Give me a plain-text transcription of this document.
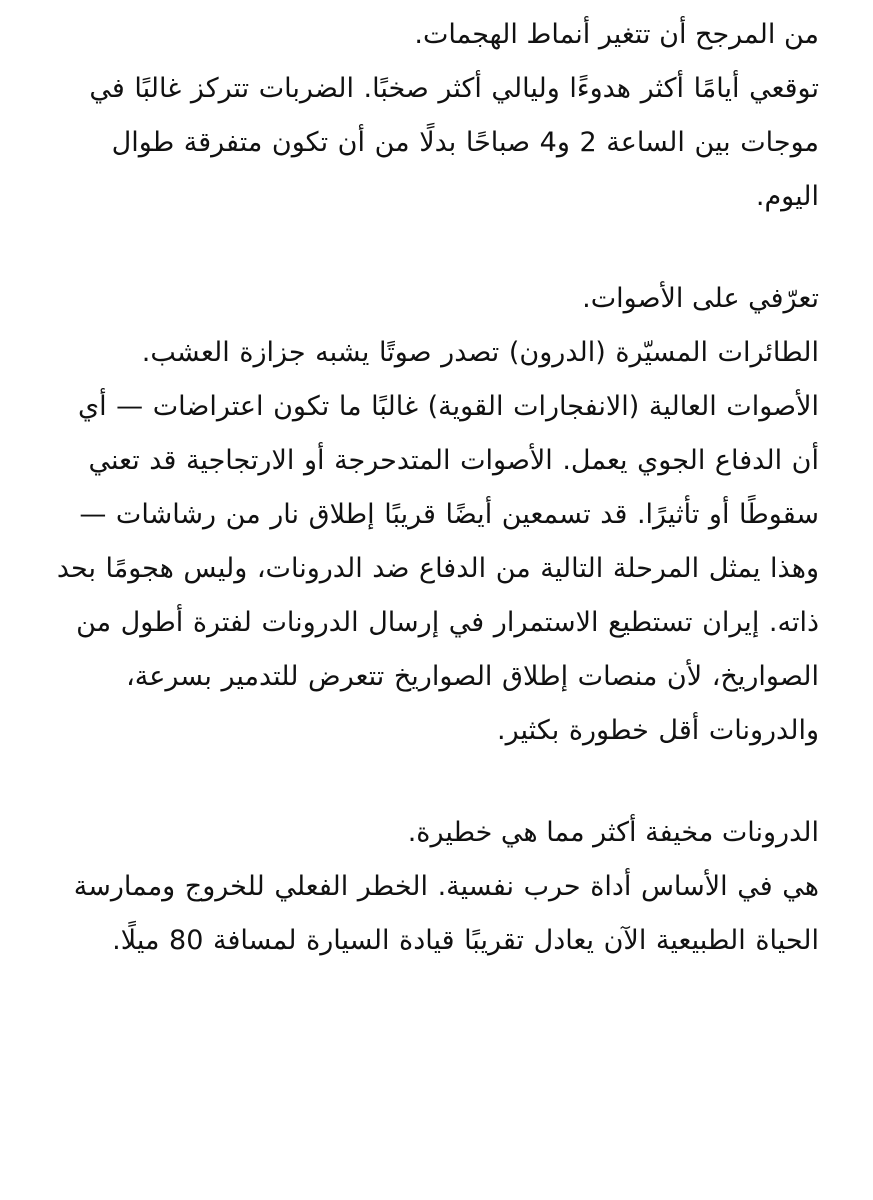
من المرجح أن تتغير أنماط الهجمات.

توقعي أيامًا أكثر هدوءًا وليالي أكثر صخبًا. الضربات تتركز غالبًا في موجات بين الساعة 2 و4 صباحًا بدلًا من أن تكون متفرقة طوال اليوم.

تعرّفي على الأصوات.

الطائرات المسيّرة (الدرون) تصدر صوتًا يشبه جزازة العشب. الأصوات العالية (الانفجارات القوية) غالبًا ما تكون اعتراضات — أي أن الدفاع الجوي يعمل. الأصوات المتدحرجة أو الارتجاجية قد تعني سقوطًا أو تأثيرًا. قد تسمعين أيضًا قريبًا إطلاق نار من رشاشات — وهذا يمثل المرحلة التالية من الدفاع ضد الدرونات، وليس هجومًا بحد ذاته. إيران تستطيع الاستمرار في إرسال الدرونات لفترة أطول من الصواريخ، لأن منصات إطلاق الصواريخ تتعرض للتدمير بسرعة، والدرونات أقل خطورة بكثير.

الدرونات مخيفة أكثر مما هي خطيرة.

هي في الأساس أداة حرب نفسية. الخطر الفعلي للخروج وممارسة الحياة الطبيعية الآن يعادل تقريبًا قيادة السيارة لمسافة 80 ميلًا.
